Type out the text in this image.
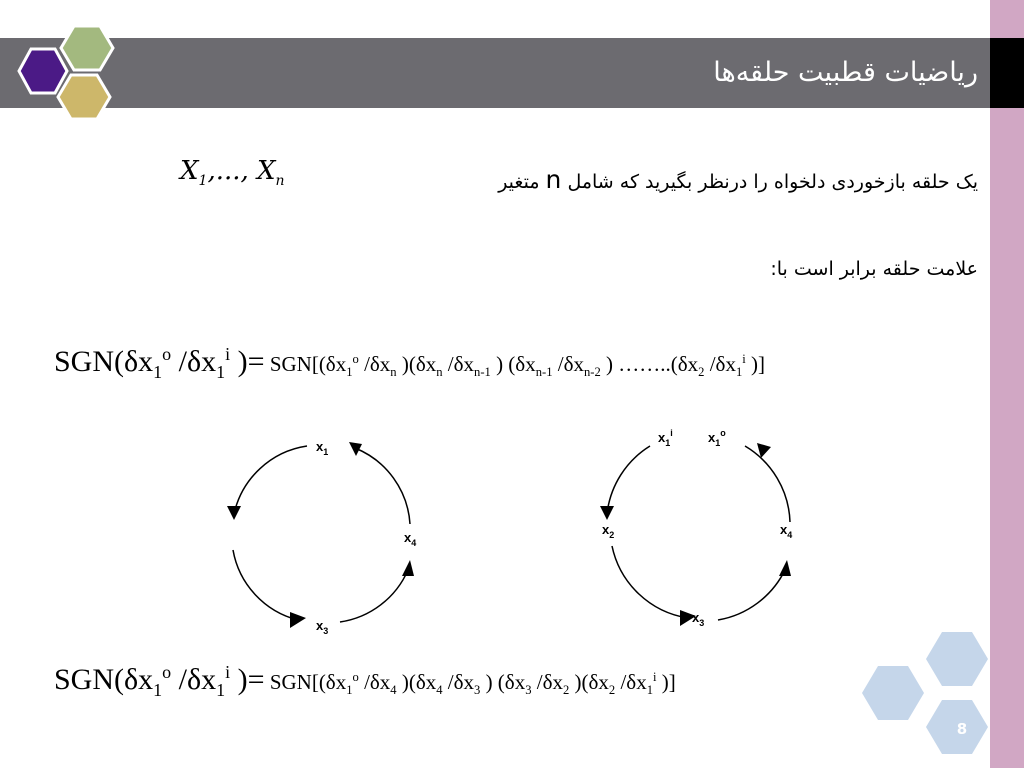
ریاضیات قطبیت حلقه‌ها
یک حلقه بازخوردی دلخواه را درنظر بگیرید که شامل n متغیر
$X_1$,..., $X_n$
علامت حلقه برابر است با:
$SGN(\delta x_1^o$ $/\delta x_1^i$ )= $SGN[(\delta x_1^o$ $/\delta x_n$ )($\delta x_n$ $/\delta x_{n-1}$ ) ($\delta x_{n-1}$ $/\delta x_{n-2}$ ) $\dots\dots..(\delta x_2$ $/\delta x_1^i$ )]
$x_1$
$x_4$
$x_3$
$x_1^i$	$x_1^o$
$x_2$	$x_4$
$x_3$
$SGN(\delta x_1^o$ $/\delta x_1^i$ )= $SGN[(\delta x_1^o$ $/\delta x_4$ )($\delta x_4$ $/\delta x_3$ ) ($\delta x_3$ $/\delta x_2$ )($\delta x_2$ $/\delta x_1^i$ )]
8
